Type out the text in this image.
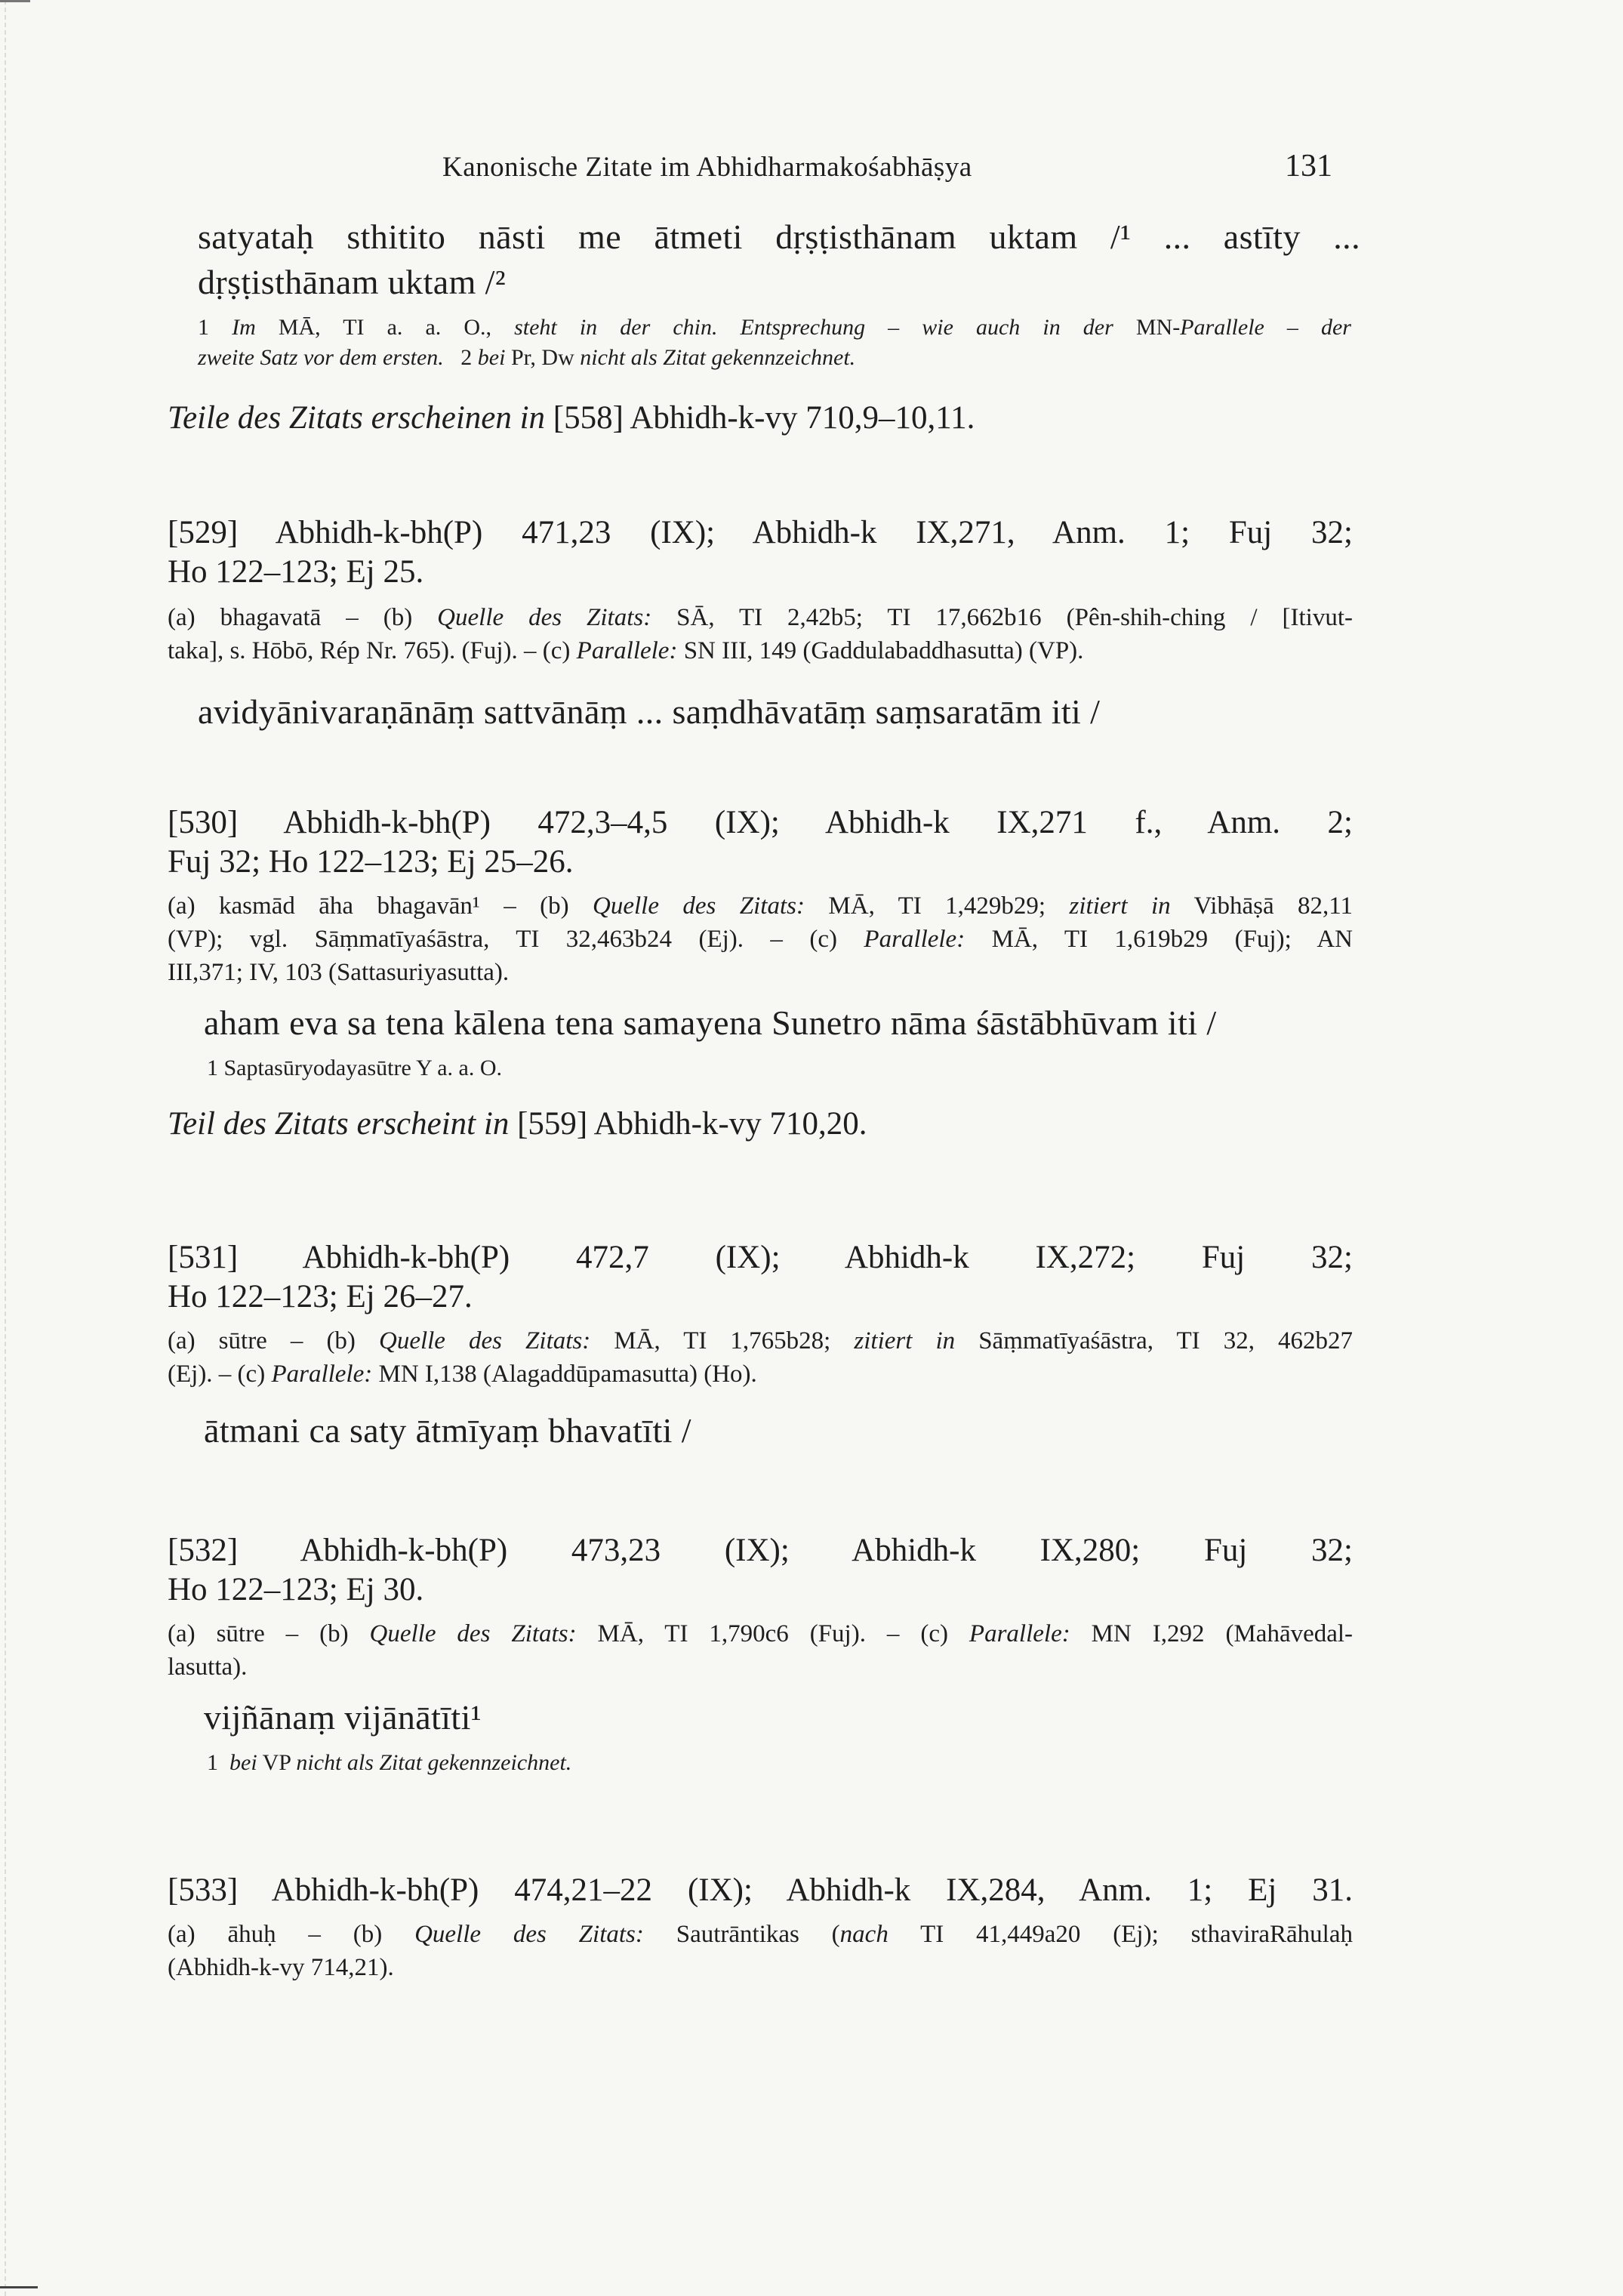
Kanonische Zitate im Abhidharmakośabhāṣya	131
satyataḥ sthitito nāsti me ātmeti dṛṣṭisthānam uktam /¹ ... astīty ...
dṛṣṭisthānam uktam /²
1 Im MĀ, TI a. a. O., steht in der chin. Entsprechung – wie auch in der MN-Parallele – der
zweite Satz vor dem ersten. 2 bei Pr, Dw nicht als Zitat gekennzeichnet.
Teile des Zitats erscheinen in [558] Abhidh-k-vy 710,9–10,11.
[529] Abhidh-k-bh(P) 471,23 (IX); Abhidh-k IX,271, Anm. 1; Fuj 32;
Ho 122–123; Ej 25.
(a) bhagavatā – (b) Quelle des Zitats: SĀ, TI 2,42b5; TI 17,662b16 (Pên-shih-ching / [Itivut-
taka], s. Hōbō, Rép Nr. 765). (Fuj). – (c) Parallele: SN III, 149 (Gaddulabaddhasutta) (VP).
avidyānivaraṇānāṃ sattvānāṃ ... saṃdhāvatāṃ saṃsaratām iti /
[530] Abhidh-k-bh(P) 472,3–4,5 (IX); Abhidh-k IX,271 f., Anm. 2;
Fuj 32; Ho 122–123; Ej 25–26.
(a) kasmād āha bhagavān¹ – (b) Quelle des Zitats: MĀ, TI 1,429b29; zitiert in Vibhāṣā 82,11
(VP); vgl. Sāṃmatīyaśāstra, TI 32,463b24 (Ej). – (c) Parallele: MĀ, TI 1,619b29 (Fuj); AN
III,371; IV, 103 (Sattasuriyasutta).
aham eva sa tena kālena tena samayena Sunetro nāma śāstābhūvam iti /
1 Saptasūryodayasūtre Y a. a. O.
Teil des Zitats erscheint in [559] Abhidh-k-vy 710,20.
[531] Abhidh-k-bh(P) 472,7 (IX); Abhidh-k IX,272; Fuj 32;
Ho 122–123; Ej 26–27.
(a) sūtre – (b) Quelle des Zitats: MĀ, TI 1,765b28; zitiert in Sāṃmatīyaśāstra, TI 32, 462b27
(Ej). – (c) Parallele: MN I,138 (Alagaddūpamasutta) (Ho).
ātmani ca saty ātmīyaṃ bhavatīti /
[532] Abhidh-k-bh(P) 473,23 (IX); Abhidh-k IX,280; Fuj 32;
Ho 122–123; Ej 30.
(a) sūtre – (b) Quelle des Zitats: MĀ, TI 1,790c6 (Fuj). – (c) Parallele: MN I,292 (Mahāvedal-
lasutta).
vijñānaṃ vijānātīti¹
1 bei VP nicht als Zitat gekennzeichnet.
[533] Abhidh-k-bh(P) 474,21–22 (IX); Abhidh-k IX,284, Anm. 1; Ej 31.
(a) āhuḥ – (b) Quelle des Zitats: Sautrāntikas (nach TI 41,449a20 (Ej); sthaviraRāhulaḥ
(Abhidh-k-vy 714,21).
